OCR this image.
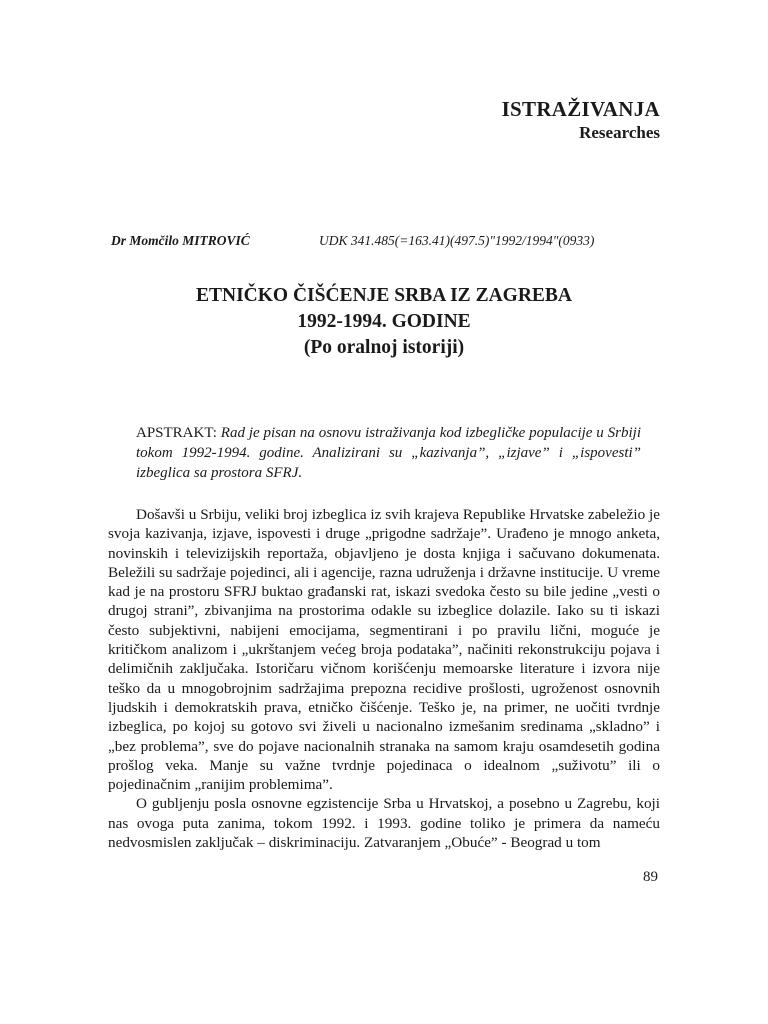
ISTRAŽIVANJA
Researches
Dr Momčilo MITROVIĆ	UDK 341.485(=163.41)(497.5)"1992/1994"(0933)
ETNIČKO ČIŠĆENJE SRBA IZ ZAGREBA
1992-1994. GODINE
(Po oralnoj istoriji)
APSTRAKT: Rad je pisan na osnovu istraživanja kod izbegličke populacije u Srbiji tokom 1992-1994. godine. Analizirani su „kazivanja”, „izjave” i „ispovesti” izbeglica sa prostora SFRJ.

Došavši u Srbiju, veliki broj izbeglica iz svih krajeva Republike Hrvatske zabeležio je svoja kazivanja, izjave, ispovesti i druge „prigodne sadržaje”. Urađeno je mnogo anketa, novinskih i televizijskih reportaža, objavljeno je dosta knjiga i sačuvano dokumenata. Beležili su sadržaje pojedinci, ali i agencije, razna udruženja i državne institucije. U vreme kad je na prostoru SFRJ buktao građanski rat, iskazi svedoka često su bile jedine „vesti o drugoj strani”, zbivanjima na prostorima odakle su izbeglice dolazile. Iako su ti iskazi često subjektivni, nabijeni emocijama, segmentirani i po pravilu lični, moguće je kritičkom analizom i „ukrštanjem većeg broja podataka”, načiniti rekonstrukciju pojava i delimičnih zaključaka. Istoričaru vičnom korišćenju memoarske literature i izvora nije teško da u mnogobrojnim sadržajima prepozna recidive prošlosti, ugroženost osnovnih ljudskih i demokratskih prava, etničko čišćenje. Teško je, na primer, ne uočiti tvrdnje izbeglica, po kojoj su gotovo svi živeli u nacionalno izmešanim sredinama „skladno” i „bez problema”, sve do pojave nacionalnih stranaka na samom kraju osamdesetih godina prošlog veka. Manje su važne tvrdnje pojedinaca o idealnom „suživotu” ili o pojedinačnim „ranijim problemima”.

O gubljenju posla osnovne egzistencije Srba u Hrvatskoj, a posebno u Zagrebu, koji nas ovoga puta zanima, tokom 1992. i 1993. godine toliko je primera da nameću nedvosmislen zaključak – diskriminaciju. Zatvaranjem „Obuće” - Beograd u tom

89
